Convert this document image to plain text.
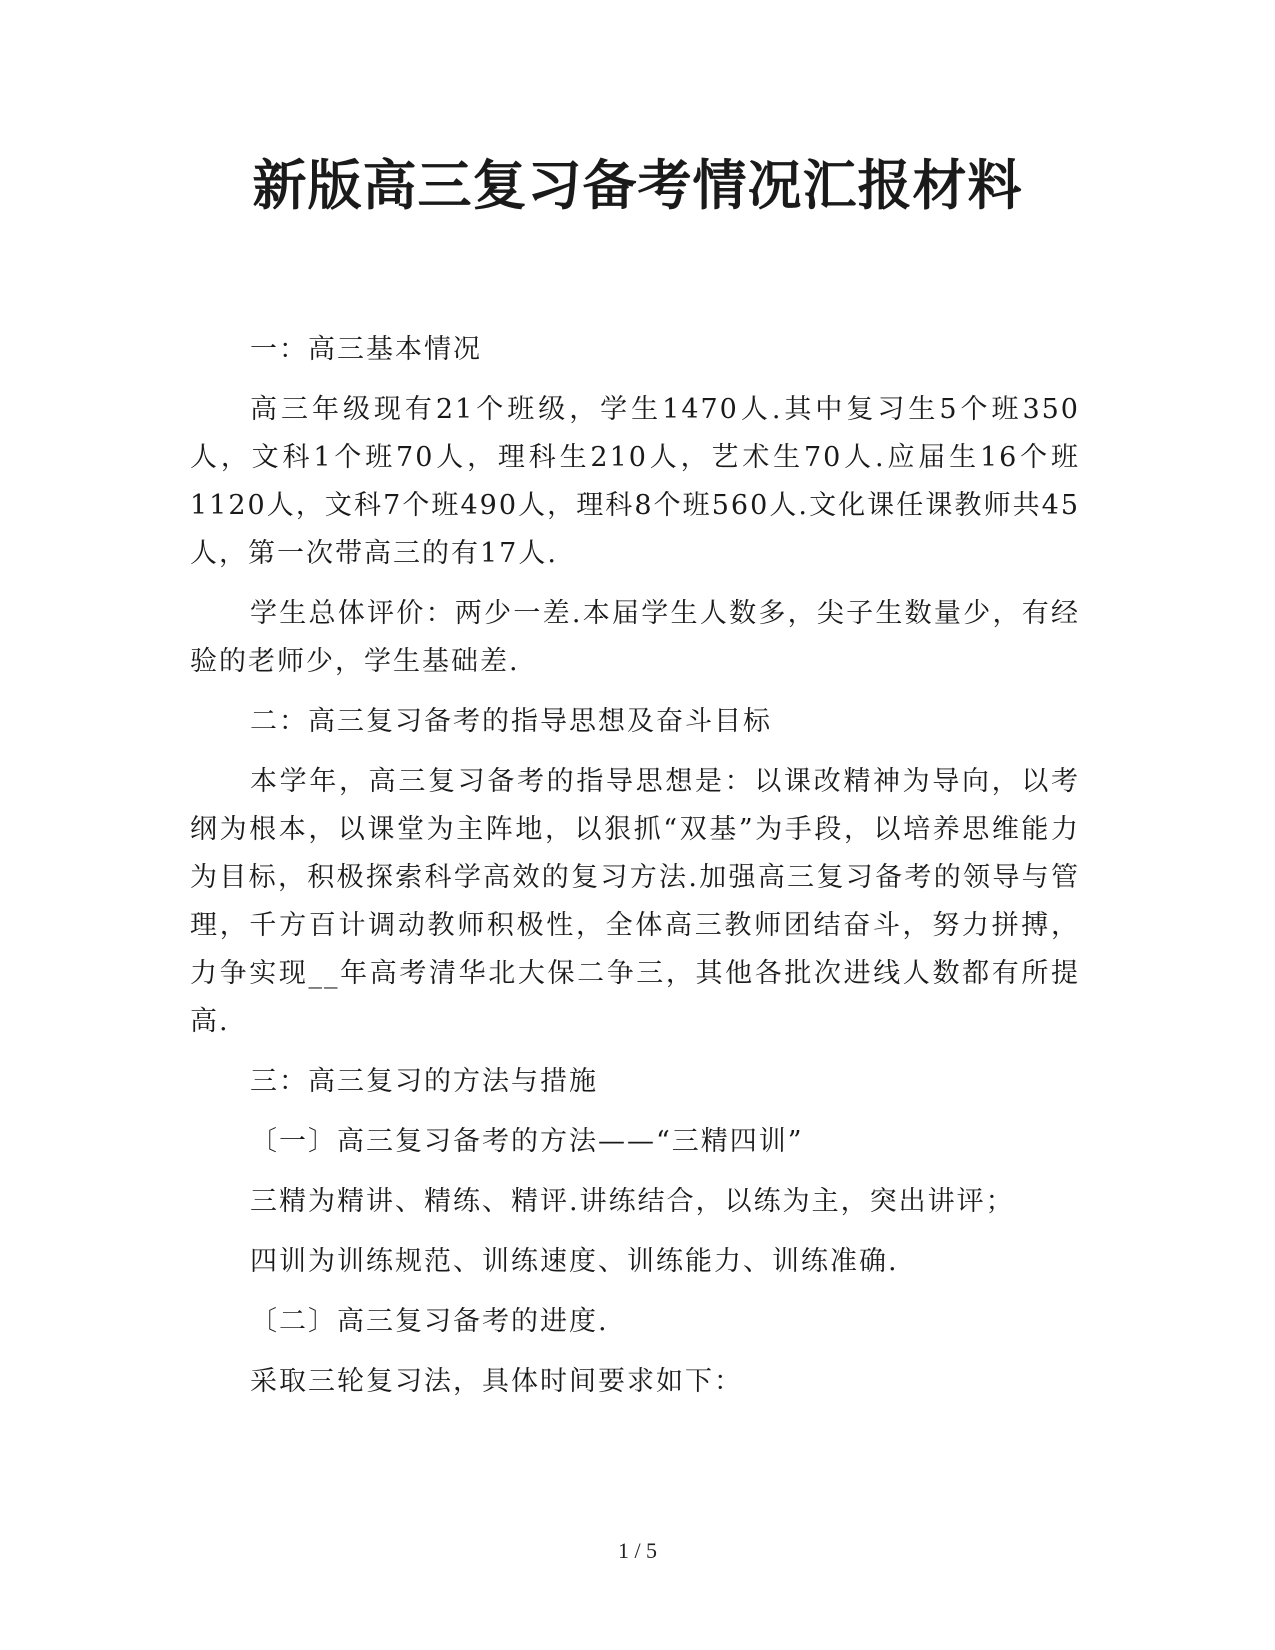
新版高三复习备考情况汇报材料

一：高三基本情况

高三年级现有21个班级，学生1470人.其中复习生5个班350人，文科1个班70人，理科生210人，艺术生70人.应届生16个班1120人，文科7个班490人，理科8个班560人.文化课任课教师共45人，第一次带高三的有17人.

学生总体评价：两少一差.本届学生人数多，尖子生数量少，有经验的老师少，学生基础差.

二：高三复习备考的指导思想及奋斗目标

本学年，高三复习备考的指导思想是：以课改精神为导向，以考纲为根本，以课堂为主阵地，以狠抓“双基”为手段，以培养思维能力为目标，积极探索科学高效的复习方法.加强高三复习备考的领导与管理，千方百计调动教师积极性，全体高三教师团结奋斗，努力拼搏，力争实现__年高考清华北大保二争三，其他各批次进线人数都有所提高.

三：高三复习的方法与措施

〔一〕高三复习备考的方法——“三精四训”

三精为精讲、精练、精评.讲练结合，以练为主，突出讲评；

四训为训练规范、训练速度、训练能力、训练准确.

〔二〕高三复习备考的进度.

采取三轮复习法，具体时间要求如下：

1 / 5
